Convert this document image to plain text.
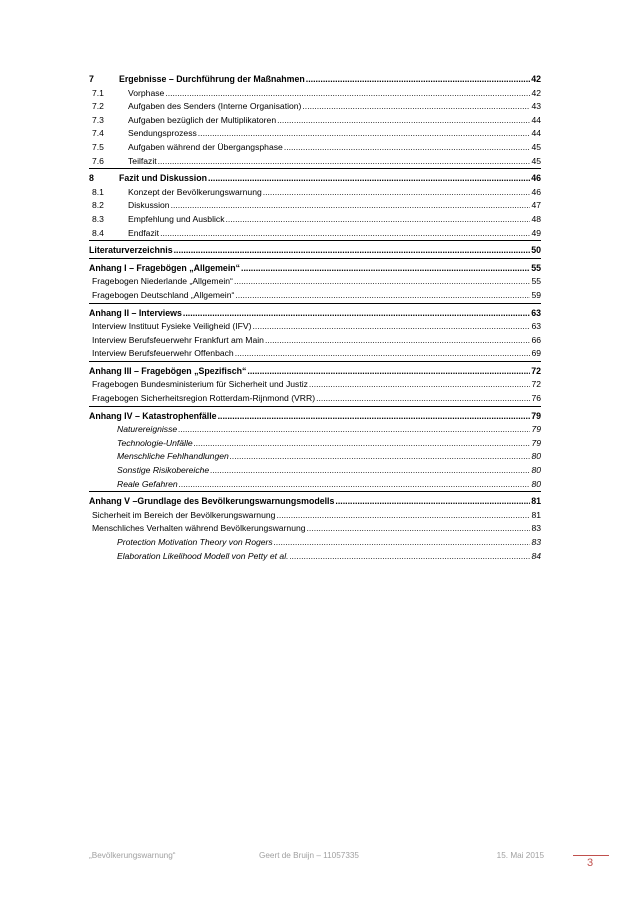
7	Ergebnisse – Durchführung der Maßnahmen .....	42
7.1	Vorphase .....	42
7.2	Aufgaben des Senders (Interne Organisation) .....	43
7.3	Aufgaben bezüglich der Multiplikatoren .....	44
7.4	Sendungsprozess .....	44
7.5	Aufgaben während der Übergangsphase .....	45
7.6	Teilfazit .....	45
8	Fazit und Diskussion .....	46
8.1	Konzept der Bevölkerungswarnung .....	46
8.2	Diskussion .....	47
8.3	Empfehlung und Ausblick .....	48
8.4	Endfazit .....	49
Literaturverzeichnis .....	50
Anhang I – Fragebögen „Allgemein“ .....	55
Fragebogen Niederlande „Allgemein“ .....	55
Fragebogen Deutschland „Allgemein“ .....	59
Anhang II – Interviews .....	63
Interview Instituut Fysieke Veiligheid (IFV) .....	63
Interview Berufsfeuerwehr Frankfurt am Main .....	66
Interview Berufsfeuerwehr Offenbach .....	69
Anhang III – Fragebögen „Spezifisch“ .....	72
Fragebogen Bundesministerium für Sicherheit und Justiz .....	72
Fragebogen Sicherheitsregion Rotterdam-Rijnmond (VRR) .....	76
Anhang IV – Katastrophenfälle .....	79
Naturereignisse .....	79
Technologie-Unfälle .....	79
Menschliche Fehlhandlungen .....	80
Sonstige Risikobereiche .....	80
Reale Gefahren .....	80
Anhang V –Grundlage des Bevölkerungswarnungsmodells .....	81
Sicherheit im Bereich der Bevölkerungswarnung .....	81
Menschliches Verhalten während Bevölkerungswarnung .....	83
Protection Motivation Theory von Rogers .....	83
Elaboration Likelihood Modell von Petty et al. .....	84
„Bevölkerungswarnung“	Geert de Bruijn – 11057335	15. Mai 2015
3
